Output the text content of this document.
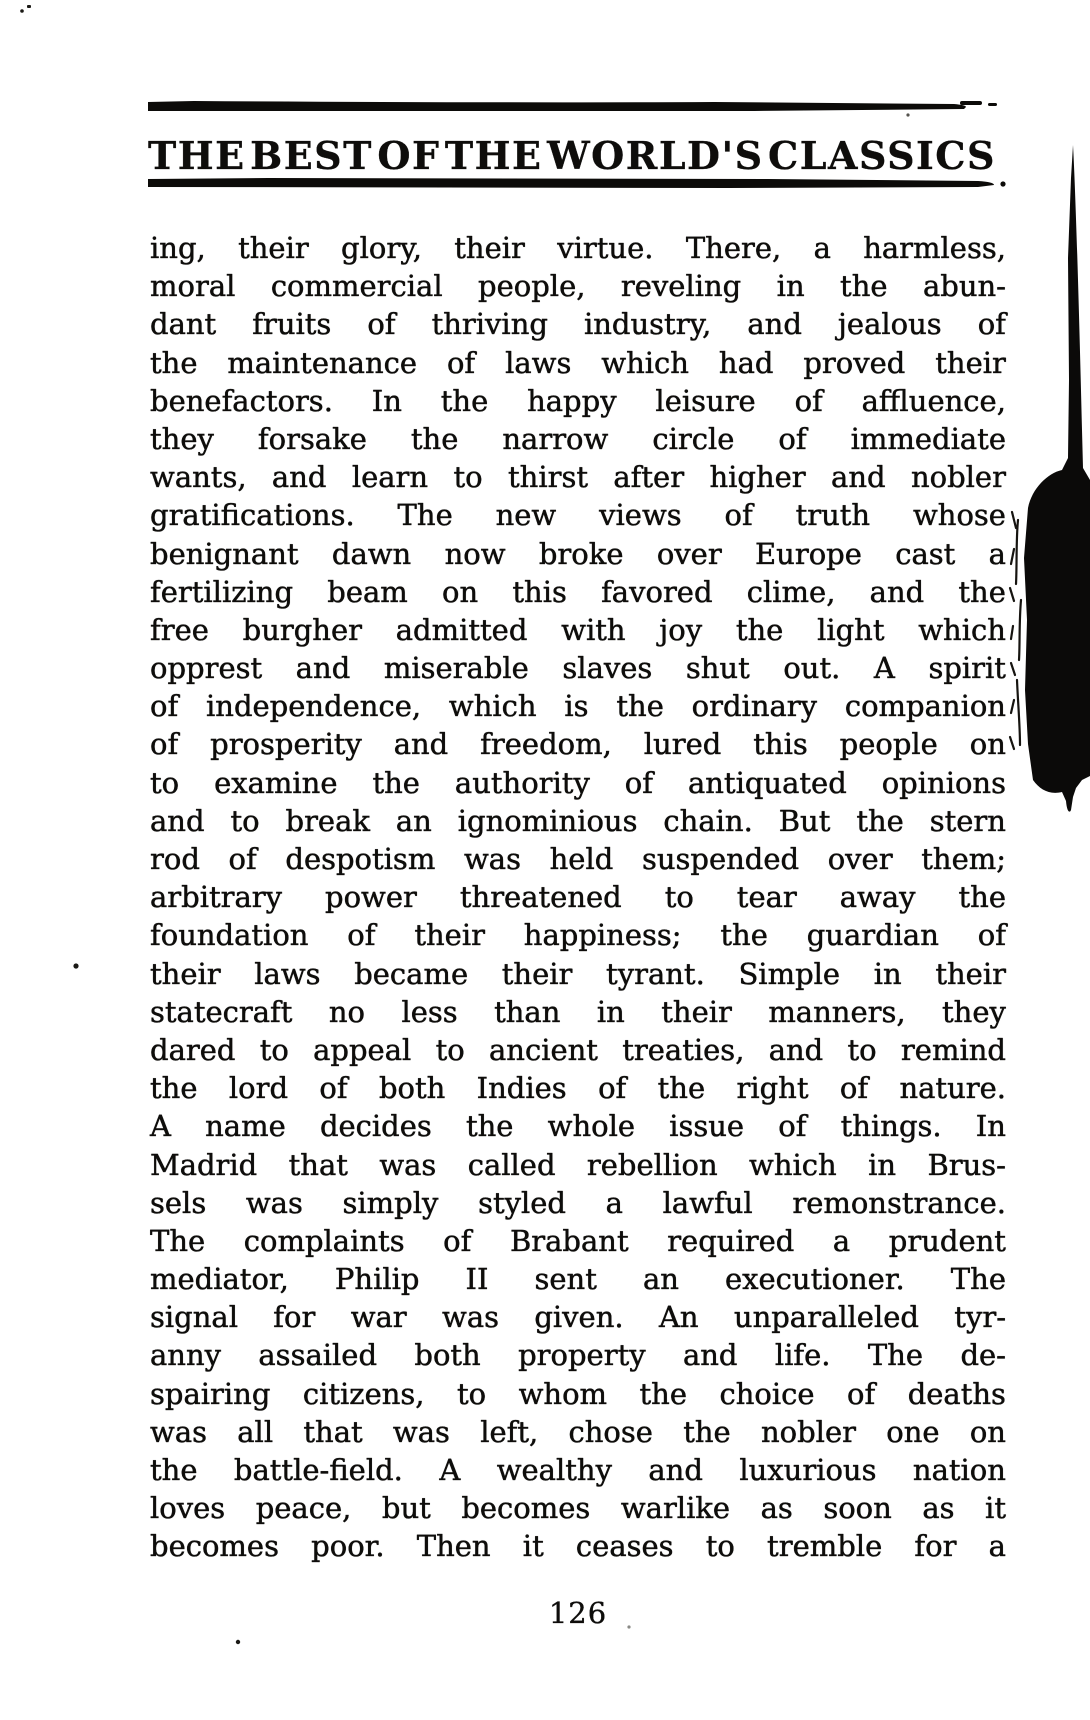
THE BEST OF THE WORLD'S CLASSICS
ing, their glory, their virtue. There, a harmless,
moral commercial people, reveling in the abun-
dant fruits of thriving industry, and jealous of
the maintenance of laws which had proved their
benefactors. In the happy leisure of affluence,
they forsake the narrow circle of immediate
wants, and learn to thirst after higher and nobler
gratifications. The new views of truth whose
benignant dawn now broke over Europe cast a
fertilizing beam on this favored clime, and the
free burgher admitted with joy the light which
opprest and miserable slaves shut out. A spirit
of independence, which is the ordinary companion
of prosperity and freedom, lured this people on
to examine the authority of antiquated opinions
and to break an ignominious chain. But the stern
rod of despotism was held suspended over them;
arbitrary power threatened to tear away the
foundation of their happiness; the guardian of
their laws became their tyrant. Simple in their
statecraft no less than in their manners, they
dared to appeal to ancient treaties, and to remind
the lord of both Indies of the right of nature.
A name decides the whole issue of things. In
Madrid that was called rebellion which in Brus-
sels was simply styled a lawful remonstrance.
The complaints of Brabant required a prudent
mediator, Philip II sent an executioner. The
signal for war was given. An unparalleled tyr-
anny assailed both property and life. The de-
spairing citizens, to whom the choice of deaths
was all that was left, chose the nobler one on
the battle-field. A wealthy and luxurious nation
loves peace, but becomes warlike as soon as it
becomes poor. Then it ceases to tremble for a
126
